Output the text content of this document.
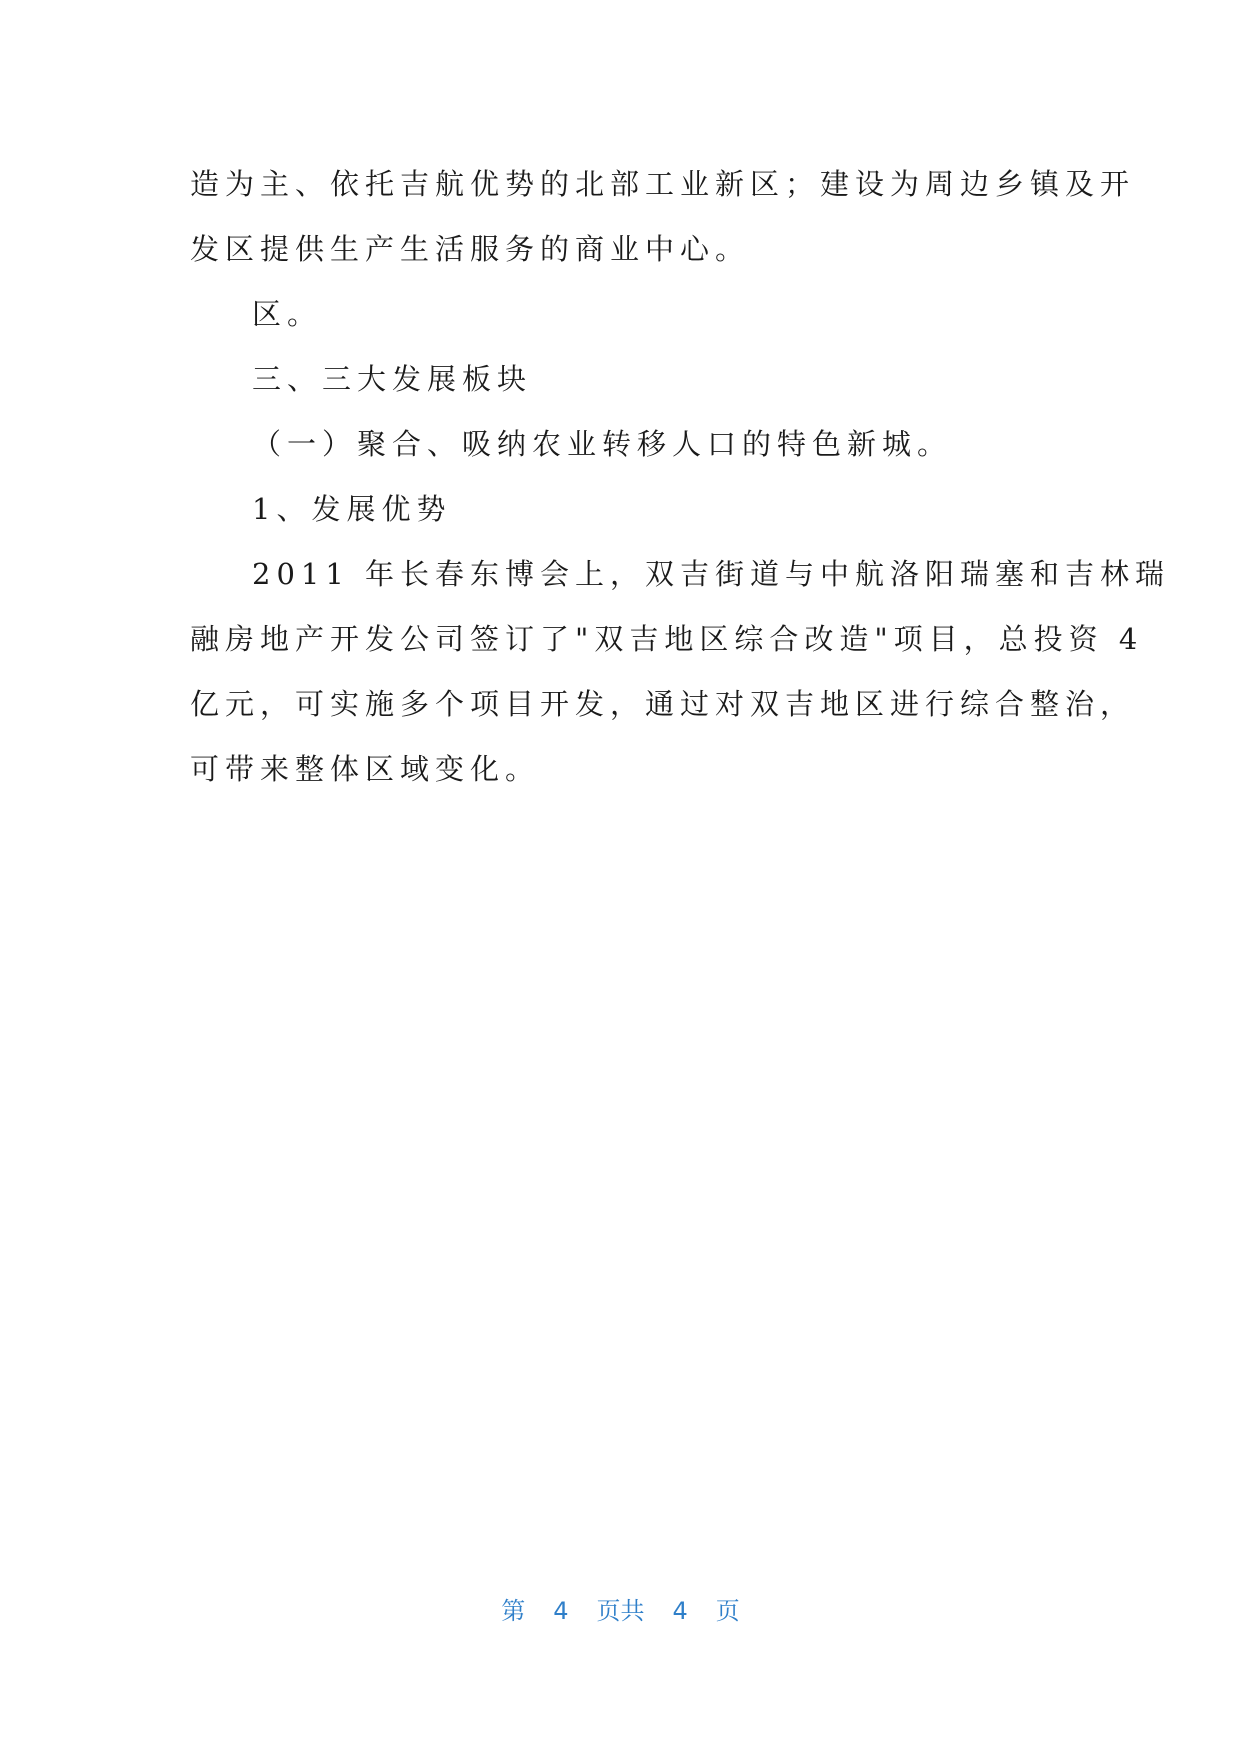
造为主、依托吉航优势的北部工业新区；建设为周边乡镇及开
发区提供生产生活服务的商业中心。
区。
三、三大发展板块
（一）聚合、吸纳农业转移人口的特色新城。
1、发展优势
2011 年长春东博会上，双吉街道与中航洛阳瑞塞和吉林瑞
融房地产开发公司签订了"双吉地区综合改造"项目，总投资 4
亿元，可实施多个项目开发，通过对双吉地区进行综合整治，
可带来整体区域变化。
第 4 页共 4 页
